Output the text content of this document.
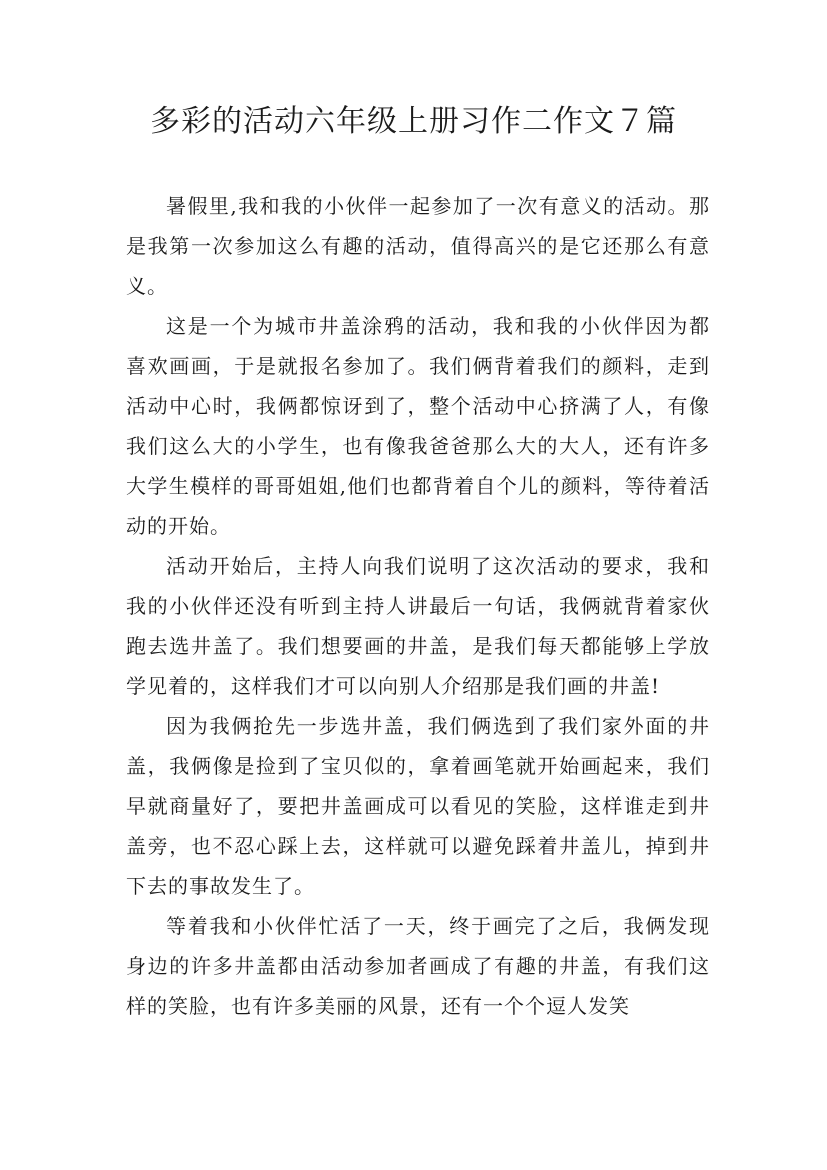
多彩的活动六年级上册习作二作文７篇

暑假里,我和我的小伙伴一起参加了一次有意义的活动。那是我第一次参加这么有趣的活动，值得高兴的是它还那么有意义。

这是一个为城市井盖涂鸦的活动，我和我的小伙伴因为都喜欢画画，于是就报名参加了。我们俩背着我们的颜料，走到活动中心时，我俩都惊讶到了，整个活动中心挤满了人，有像我们这么大的小学生，也有像我爸爸那么大的大人，还有许多大学生模样的哥哥姐姐,他们也都背着自个儿的颜料，等待着活动的开始。

活动开始后，主持人向我们说明了这次活动的要求，我和我的小伙伴还没有听到主持人讲最后一句话，我俩就背着家伙跑去选井盖了。我们想要画的井盖，是我们每天都能够上学放学见着的，这样我们才可以向别人介绍那是我们画的井盖!

因为我俩抢先一步选井盖，我们俩选到了我们家外面的井盖，我俩像是捡到了宝贝似的，拿着画笔就开始画起来，我们早就商量好了，要把井盖画成可以看见的笑脸，这样谁走到井盖旁，也不忍心踩上去，这样就可以避免踩着井盖儿，掉到井下去的事故发生了。

等着我和小伙伴忙活了一天，终于画完了之后，我俩发现身边的许多井盖都由活动参加者画成了有趣的井盖，有我们这样的笑脸，也有许多美丽的风景，还有一个个逗人发笑
